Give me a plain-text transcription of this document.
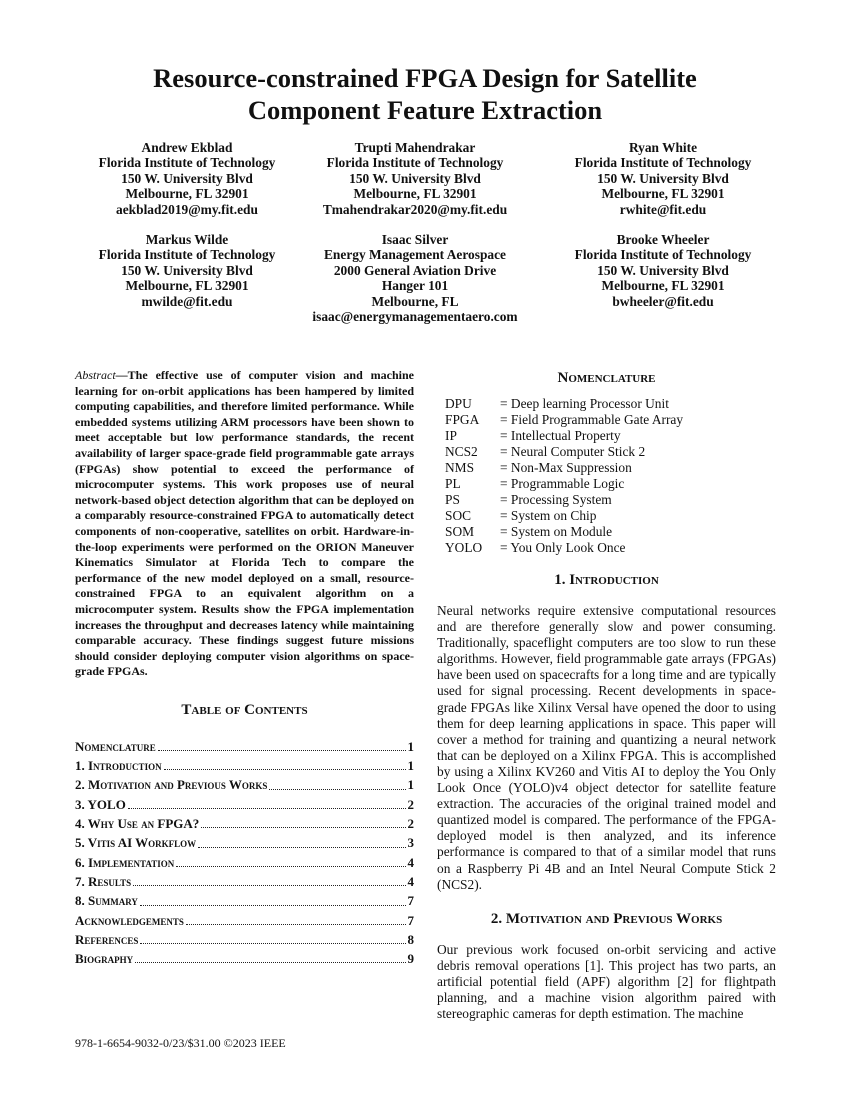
Resource-constrained FPGA Design for Satellite
Component Feature Extraction
Andrew Ekblad
Florida Institute of Technology
150 W. University Blvd
Melbourne, FL 32901
aekblad2019@my.fit.edu
Trupti Mahendrakar
Florida Institute of Technology
150 W. University Blvd
Melbourne, FL 32901
Tmahendrakar2020@my.fit.edu
Ryan White
Florida Institute of Technology
150 W. University Blvd
Melbourne, FL 32901
rwhite@fit.edu
Markus Wilde
Florida Institute of Technology
150 W. University Blvd
Melbourne, FL 32901
mwilde@fit.edu
Isaac Silver
Energy Management Aerospace
2000 General Aviation Drive
Hanger 101
Melbourne, FL
isaac@energymanagementaero.com
Brooke Wheeler
Florida Institute of Technology
150 W. University Blvd
Melbourne, FL 32901
bwheeler@fit.edu

Abstract—The effective use of computer vision and machine learning for on-orbit applications has been hampered by limited computing capabilities, and therefore limited performance. While embedded systems utilizing ARM processors have been shown to meet acceptable but low performance standards, the recent availability of larger space-grade field programmable gate arrays (FPGAs) show potential to exceed the performance of microcomputer systems. This work proposes use of neural network-based object detection algorithm that can be deployed on a comparably resource-constrained FPGA to automatically detect components of non-cooperative, satellites on orbit. Hardware-in-the-loop experiments were performed on the ORION Maneuver Kinematics Simulator at Florida Tech to compare the performance of the new model deployed on a small, resource-constrained FPGA to an equivalent algorithm on a microcomputer system. Results show the FPGA implementation increases the throughput and decreases latency while maintaining comparable accuracy. These findings suggest future missions should consider deploying computer vision algorithms on space-grade FPGAs.

Table of Contents
Nomenclature	1
1. Introduction	1
2. Motivation and Previous Works	1
3. YOLO	2
4. Why Use an FPGA?	2
5. Vitis AI Workflow	3
6. Implementation	4
7. Results	4
8. Summary	7
Acknowledgements	7
References	8
Biography	9
Nomenclature
DPU	= Deep learning Processor Unit
FPGA	= Field Programmable Gate Array
IP	= Intellectual Property
NCS2	= Neural Computer Stick 2
NMS	= Non-Max Suppression
PL	= Programmable Logic
PS	= Processing System
SOC	= System on Chip
SOM	= System on Module
YOLO	= You Only Look Once
1. Introduction

Neural networks require extensive computational resources and are therefore generally slow and power consuming. Traditionally, spaceflight computers are too slow to run these algorithms. However, field programmable gate arrays (FPGAs) have been used on spacecrafts for a long time and are typically used for signal processing. Recent developments in space-grade FPGAs like Xilinx Versal have opened the door to using them for deep learning applications in space. This paper will cover a method for training and quantizing a neural network that can be deployed on a Xilinx FPGA. This is accomplished by using a Xilinx KV260 and Vitis AI to deploy the You Only Look Once (YOLO)v4 object detector for satellite feature extraction. The accuracies of the original trained model and quantized model is compared. The performance of the FPGA-deployed model is then analyzed, and its inference performance is compared to that of a similar model that runs on a Raspberry Pi 4B and an Intel Neural Compute Stick 2 (NCS2).

2. Motivation and Previous Works

Our previous work focused on-orbit servicing and active debris removal operations [1]. This project has two parts, an artificial potential field (APF) algorithm [2] for flightpath planning, and a machine vision algorithm paired with stereographic cameras for depth estimation. The machine

978-1-6654-9032-0/23/$31.00 ©2023 IEEE
